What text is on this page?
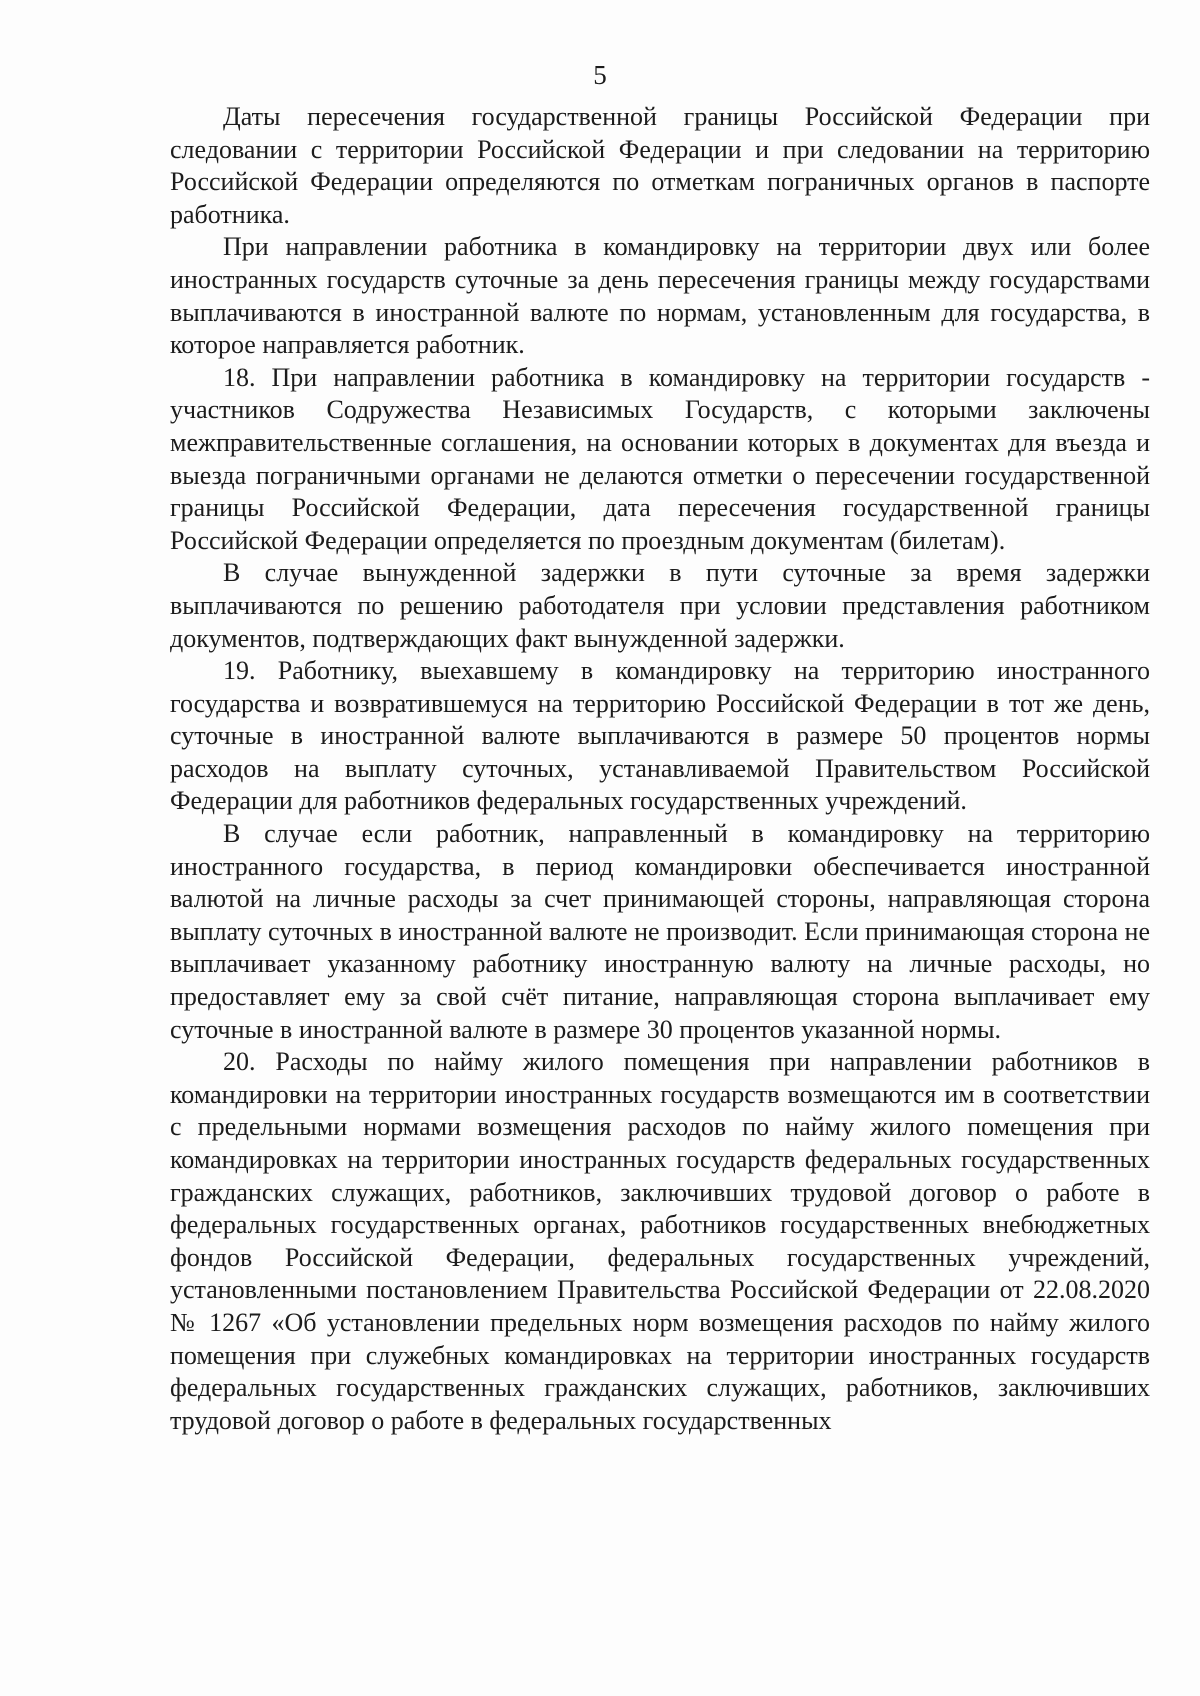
5

Даты пересечения государственной границы Российской Федерации при следовании с территории Российской Федерации и при следовании на территорию Российской Федерации определяются по отметкам пограничных органов в паспорте работника.

При направлении работника в командировку на территории двух или более иностранных государств суточные за день пересечения границы между государствами выплачиваются в иностранной валюте по нормам, установленным для государства, в которое направляется работник.

18. При направлении работника в командировку на территории государств - участников Содружества Независимых Государств, с которыми заключены межправительственные соглашения, на основании которых в документах для въезда и выезда пограничными органами не делаются отметки о пересечении государственной границы Российской Федерации, дата пересечения государственной границы Российской Федерации определяется по проездным документам (билетам).

В случае вынужденной задержки в пути суточные за время задержки выплачиваются по решению работодателя при условии представления работником документов, подтверждающих факт вынужденной задержки.

19. Работнику, выехавшему в командировку на территорию иностранного государства и возвратившемуся на территорию Российской Федерации в тот же день, суточные в иностранной валюте выплачиваются в размере 50 процентов нормы расходов на выплату суточных, устанавливаемой Правительством Российской Федерации для работников федеральных государственных учреждений.

В случае если работник, направленный в командировку на территорию иностранного государства, в период командировки обеспечивается иностранной валютой на личные расходы за счет принимающей стороны, направляющая сторона выплату суточных в иностранной валюте не производит. Если принимающая сторона не выплачивает указанному работнику иностранную валюту на личные расходы, но предоставляет ему за свой счёт питание, направляющая сторона выплачивает ему суточные в иностранной валюте в размере 30 процентов указанной нормы.

20. Расходы по найму жилого помещения при направлении работников в командировки на территории иностранных государств возмещаются им в соответствии с предельными нормами возмещения расходов по найму жилого помещения при командировках на территории иностранных государств федеральных государственных гражданских служащих, работников, заключивших трудовой договор о работе в федеральных государственных органах, работников государственных внебюджетных фондов Российской Федерации, федеральных государственных учреждений, установленными постановлением Правительства Российской Федерации от 22.08.2020 № 1267 «Об установлении предельных норм возмещения расходов по найму жилого помещения при служебных командировках на территории иностранных государств федеральных государственных гражданских служащих, работников, заключивших трудовой договор о работе в федеральных государственных
